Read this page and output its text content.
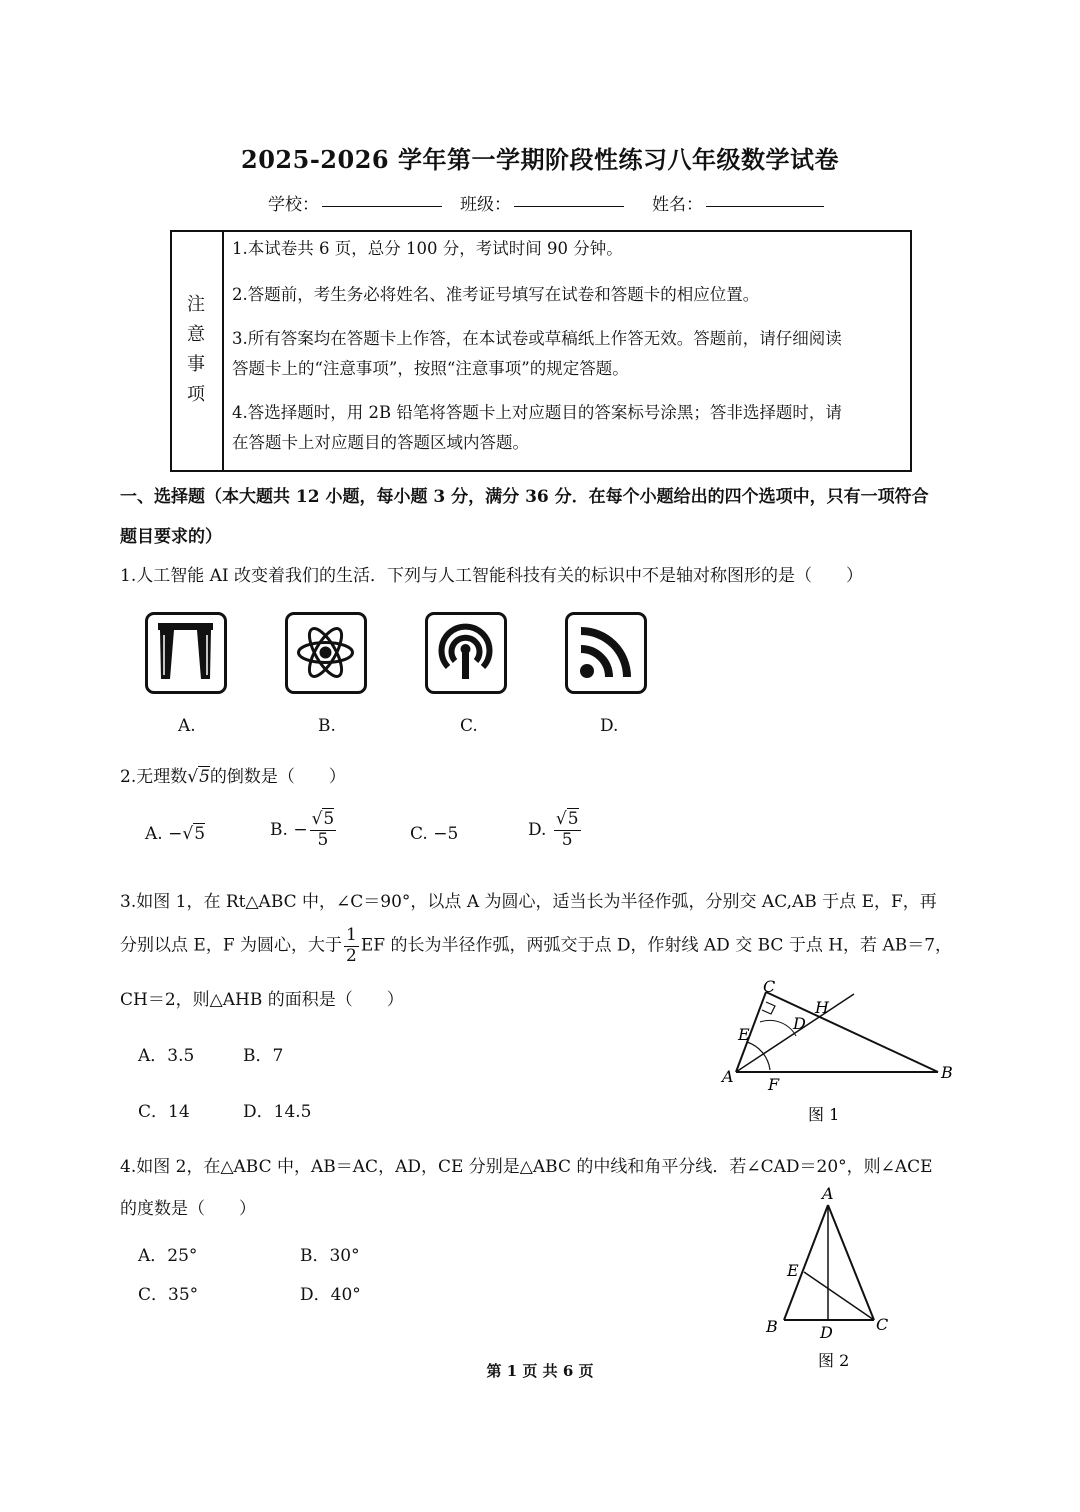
2025-2026 学年第一学期阶段性练习八年级数学试卷
学校：	班级：	姓名：
注
意
事
项

1.本试卷共 6 页，总分 100 分，考试时间 90 分钟。

2.答题前，考生务必将姓名、准考证号填写在试卷和答题卡的相应位置。

3.所有答案均在答题卡上作答，在本试卷或草稿纸上作答无效。答题前，请仔细阅读

答题卡上的“注意事项”，按照“注意事项”的规定答题。

4.答选择题时，用 2B 铅笔将答题卡上对应题目的答案标号涂黑；答非选择题时，请

在答题卡上对应题目的答题区域内答题。

一、选择题（本大题共 12 小题，每小题 3 分，满分 36 分．在每个小题给出的四个选项中，只有一项符合
题目要求的）
1.人工智能 AI 改变着我们的生活．下列与人工智能科技有关的标识中不是轴对称图形的是（　　）
A.	B.	C.	D.
2.无理数√5的倒数是（　　）
A. −√5	B. − $\frac{√5}{5}$	C. −5	D. $\frac{√5}{5}$
3.如图 1，在 Rt△ABC 中，∠C＝90°，以点 A 为圆心，适当长为半径作弧，分别交 AC,AB 于点 E，F，再
分别以点 E，F 为圆心，大于 $\frac{1}{2}$ EF 的长为半径作弧，两弧交于点 D，作射线 AD 交 BC 于点 H，若 AB＝7，
CH＝2，则△AHB 的面积是（　　）
A．3.5	B．7
C．14	D．14.5
C
H
D
E
A F
B
图 1
4.如图 2，在△ABC 中，AB＝AC，AD，CE 分别是△ABC 的中线和角平分线．若∠CAD＝20°，则∠ACE
的度数是（　　）
A．25°	B．30°
C．35°	D．40°
A
E
B	D	C
图 2
第 1 页 共 6 页
